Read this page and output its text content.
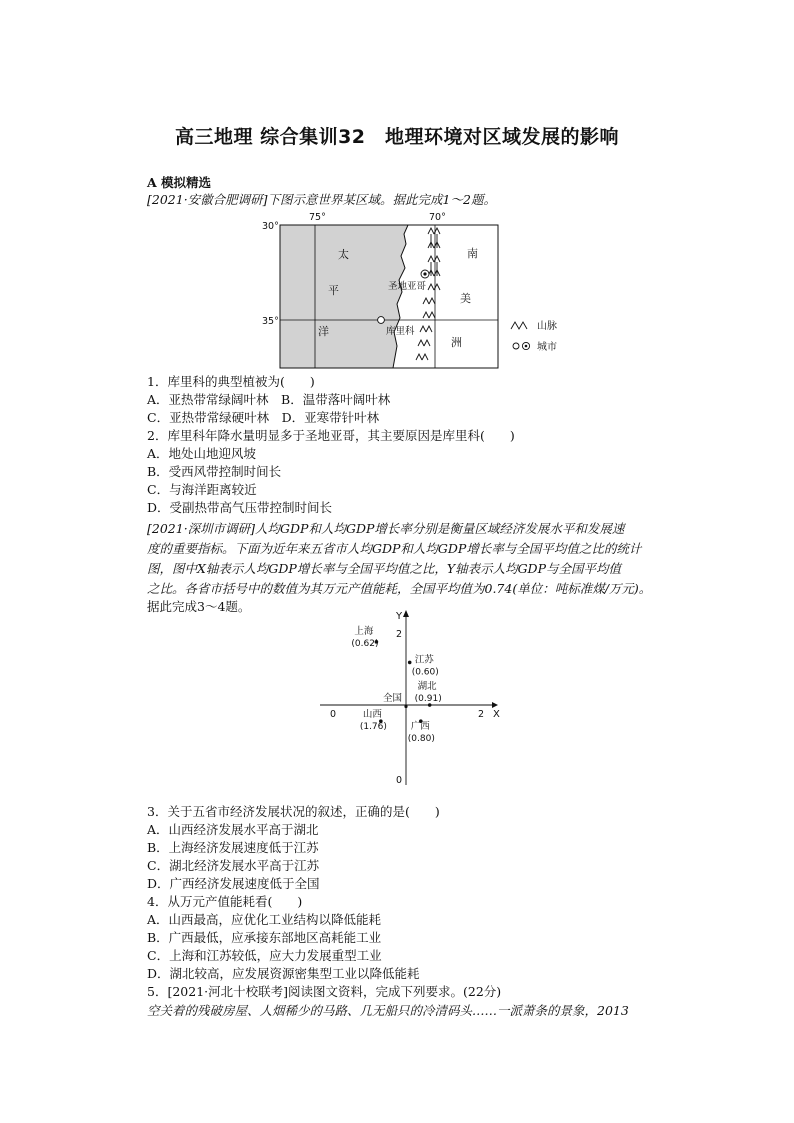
高三地理 综合集训32　地理环境对区域发展的影响
A 模拟精选
[2021·安徽合肥调研]下图示意世界某区域。据此完成1～2题。
75°	70°
30°
35°
太
平
洋
南
美
洲
圣地亚哥
库里科	山脉
城市
1．库里科的典型植被为(　　)
A．亚热带常绿阔叶林　B．温带落叶阔叶林
C．亚热带常绿硬叶林　D．亚寒带针叶林
2．库里科年降水量明显多于圣地亚哥，其主要原因是库里科(　　)
A．地处山地迎风坡
B．受西风带控制时间长
C．与海洋距离较近
D．受副热带高气压带控制时间长
[2021·深圳市调研]人均GDP和人均GDP增长率分别是衡量区域经济发展水平和发展速
度的重要指标。下面为近年来五省市人均GDP和人均GDP增长率与全国平均值之比的统计
图，图中X轴表示人均GDP增长率与全国平均值之比，Y轴表示人均GDP与全国平均值
之比。各省市括号中的数值为其万元产值能耗，全国平均值为0.74(单位：吨标准煤/万元)。
据此完成3～4题。
X
Y
0	2
2
0
全国
上海
(0.62)
江苏
(0.60)
湖北
(0.91)
山西
(1.76)	广西
(0.80)
3．关于五省市经济发展状况的叙述，正确的是(　　)
A．山西经济发展水平高于湖北
B．上海经济发展速度低于江苏
C．湖北经济发展水平高于江苏
D．广西经济发展速度低于全国
4．从万元产值能耗看(　　)
A．山西最高，应优化工业结构以降低能耗
B．广西最低，应承接东部地区高耗能工业
C．上海和江苏较低，应大力发展重型工业
D．湖北较高，应发展资源密集型工业以降低能耗
5．[2021·河北十校联考]阅读图文资料，完成下列要求。(22分)
空关着的残破房屋、人烟稀少的马路、几无船只的冷清码头……一派萧条的景象，2013
